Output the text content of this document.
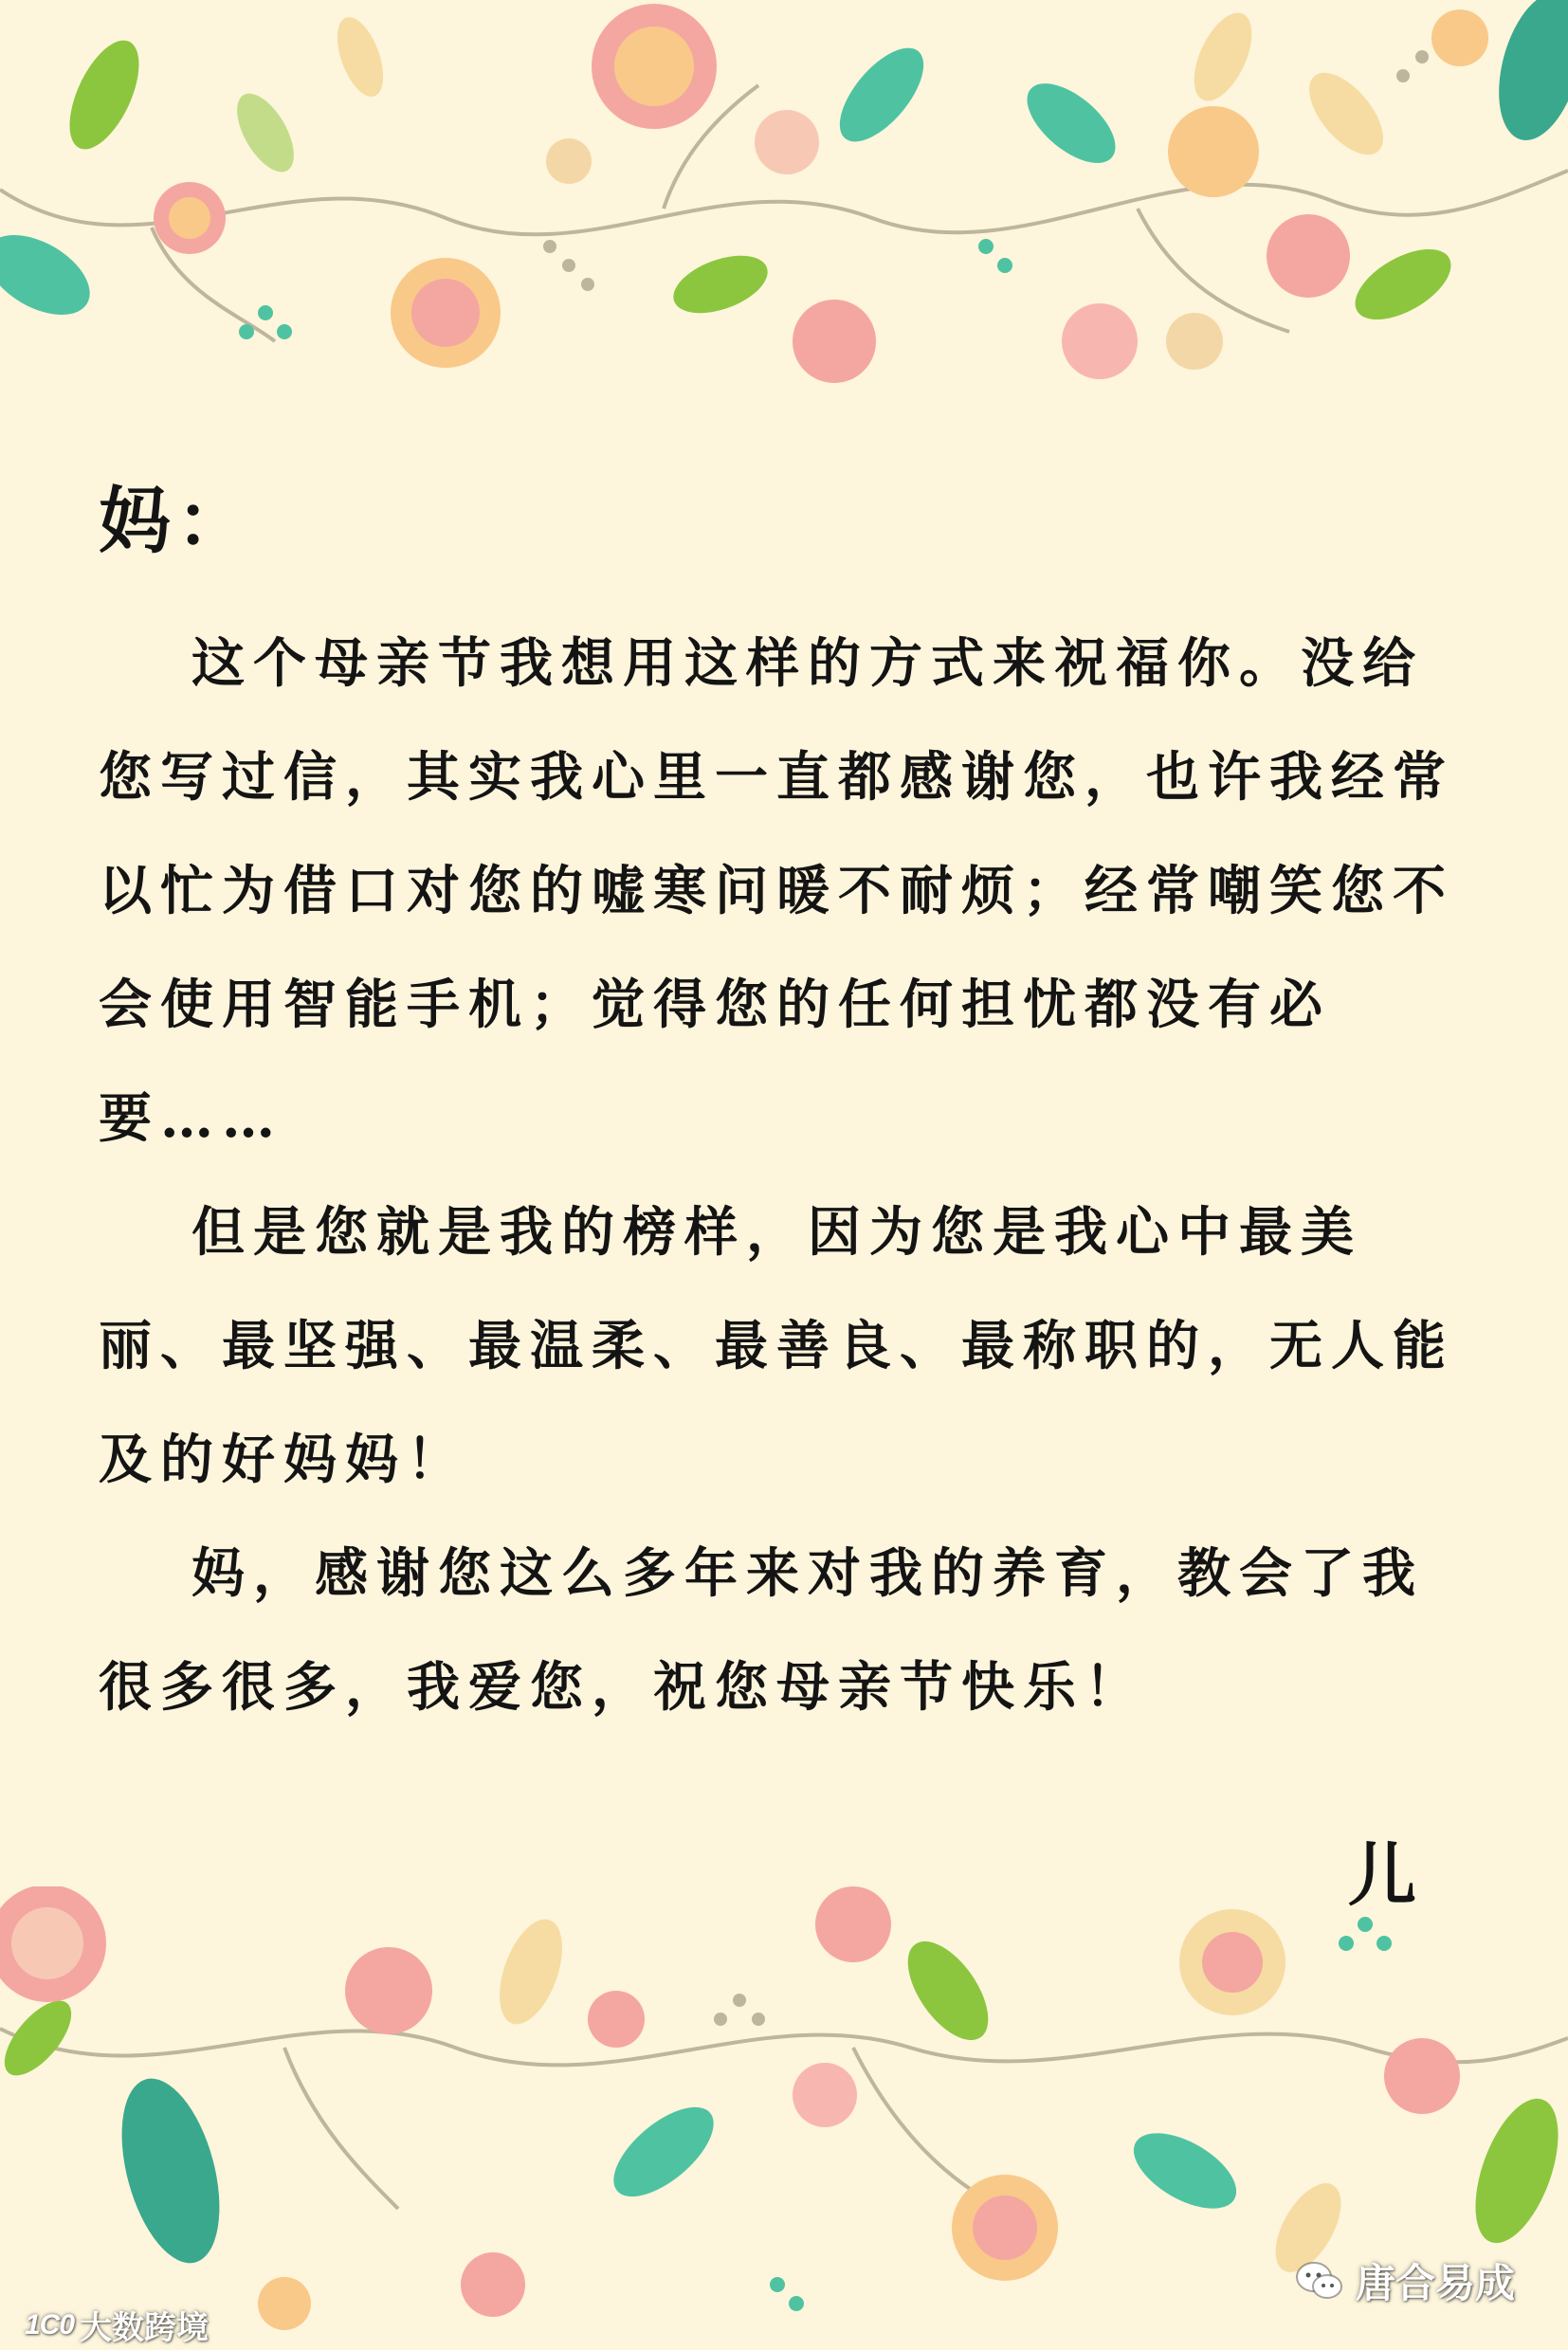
妈：

这个母亲节我想用这样的方式来祝福你。没给您写过信，其实我心里一直都感谢您，也许我经常以忙为借口对您的嘘寒问暖不耐烦；经常嘲笑您不会使用智能手机；觉得您的任何担忧都没有必要……

但是您就是我的榜样，因为您是我心中最美丽、最坚强、最温柔、最善良、最称职的，无人能及的好妈妈！

妈，感谢您这么多年来对我的养育，教会了我很多很多，我爱您，祝您母亲节快乐！

儿
1C0 大数跨境
唐合易成
